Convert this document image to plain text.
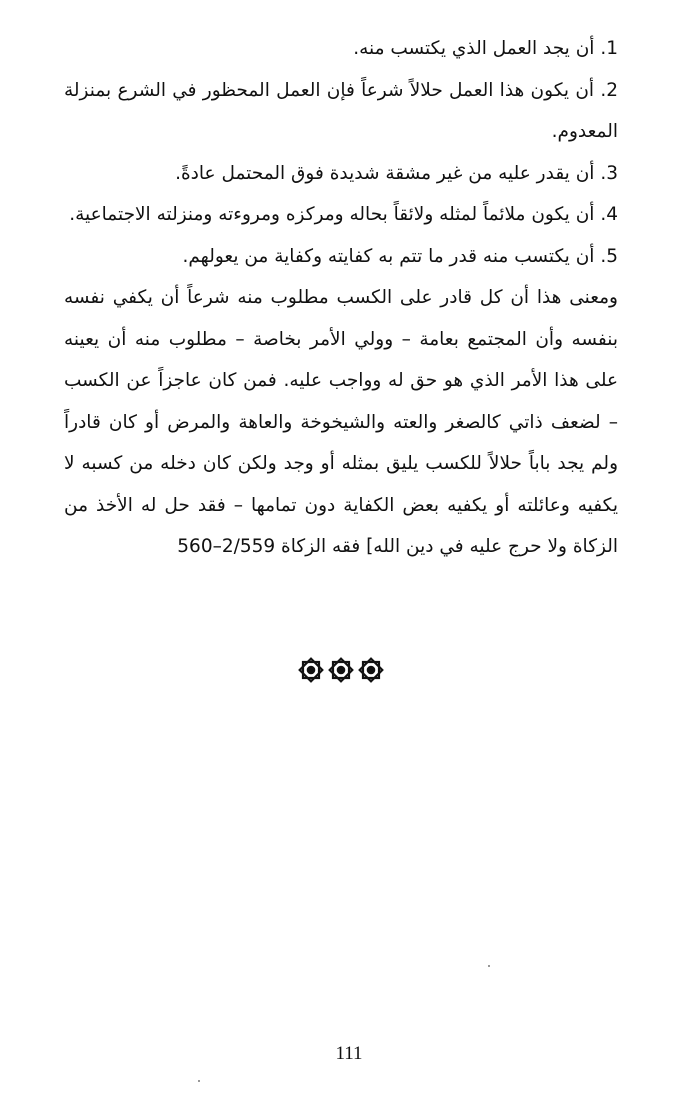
1. أن يجد العمل الذي يكتسب منه.

2. أن يكون هذا العمل حلالاً شرعاً فإن العمل المحظور في الشرع بمنزلة المعدوم.

3. أن يقدر عليه من غير مشقة شديدة فوق المحتمل عادةً.

4. أن يكون ملائماً لمثله ولائقاً بحاله ومركزه ومروءته ومنزلته الاجتماعية.

5. أن يكتسب منه قدر ما تتم به كفايته وكفاية من يعولهم.

ومعنى هذا أن كل قادر على الكسب مطلوب منه شرعاً أن يكفي نفسه بنفسه وأن المجتمع بعامة – وولي الأمر بخاصة – مطلوب منه أن يعينه على هذا الأمر الذي هو حق له وواجب عليه. فمن كان عاجزاً عن الكسب – لضعف ذاتي كالصغر والعته والشيخوخة والعاهة والمرض أو كان قادراً ولم يجد باباً حلالاً للكسب يليق بمثله أو وجد ولكن كان دخله من كسبه لا يكفيه وعائلته أو يكفيه بعض الكفاية دون تمامها – فقد حل له الأخذ من الزكاة ولا حرج عليه في دين الله] فقه الزكاة 2/559–560

111
